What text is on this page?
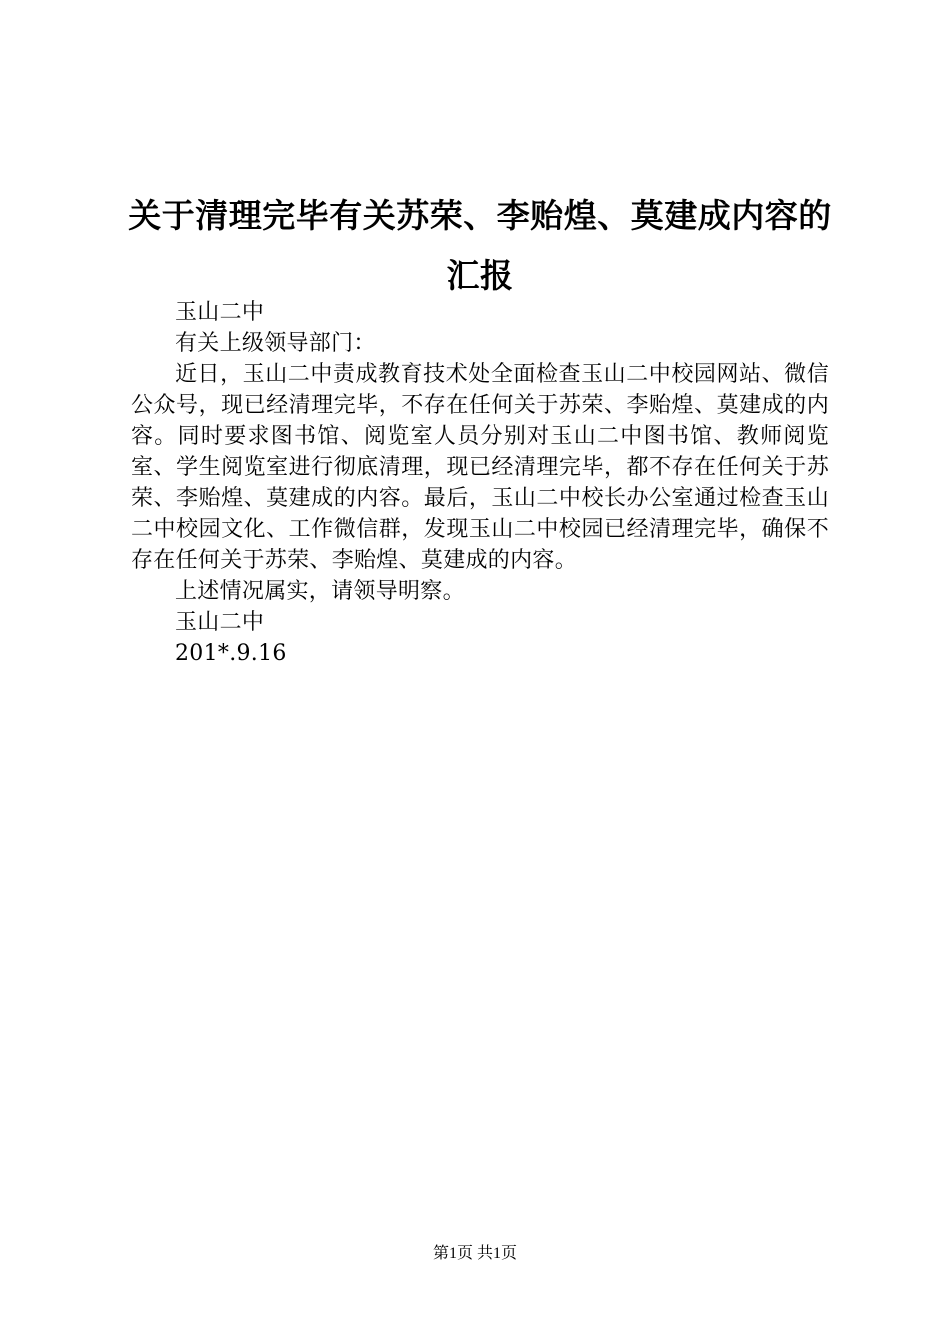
关于清理完毕有关苏荣、李贻煌、莫建成内容的汇报

玉山二中

有关上级领导部门：

近日，玉山二中责成教育技术处全面检查玉山二中校园网站、微信公众号，现已经清理完毕，不存在任何关于苏荣、李贻煌、莫建成的内容。同时要求图书馆、阅览室人员分别对玉山二中图书馆、教师阅览室、学生阅览室进行彻底清理，现已经清理完毕，都不存在任何关于苏荣、李贻煌、莫建成的内容。最后，玉山二中校长办公室通过检查玉山二中校园文化、工作微信群，发现玉山二中校园已经清理完毕，确保不存在任何关于苏荣、李贻煌、莫建成的内容。

上述情况属实，请领导明察。

玉山二中

201*.9.16

第1页 共1页
